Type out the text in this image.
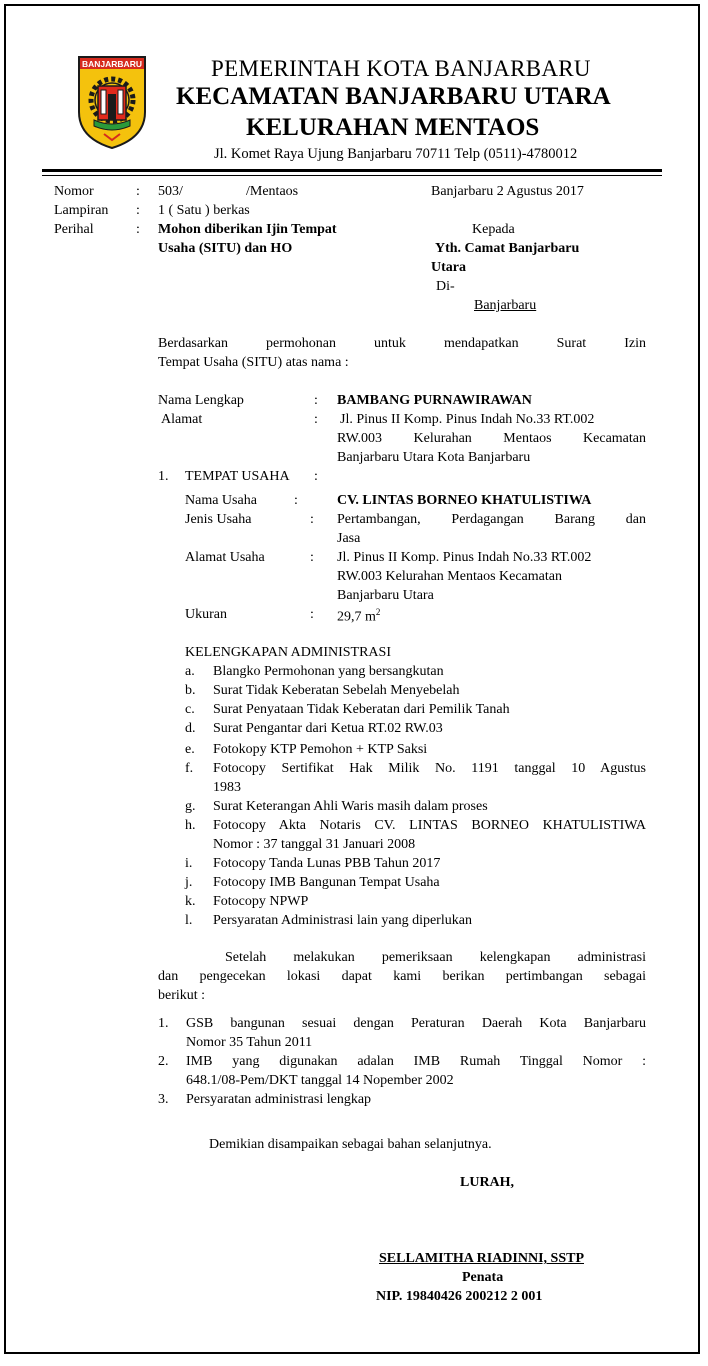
BANJARBARU	PEMERINTAH KOTA BANJARBARU
KECAMATAN BANJARBARU UTARA
KELURAHAN MENTAOS
Jl. Komet Raya Ujung Banjarbaru 70711 Telp (0511)-4780012
Nomor	: 503/	/Mentaos	Banjarbaru 2 Agustus 2017
Lampiran : 1 ( Satu ) berkas
Perihal	: Mohon diberikan Ijin Tempat
Usaha (SITU) dan HO
Kepada
Yth. Camat Banjarbaru
Utara
Di-
Banjarbaru
Berdasarkan permohonan untuk mendapatkan Surat Izin
Tempat Usaha (SITU) atas nama :
Nama Lengkap	: BAMBANG PURNAWIRAWAN
Alamat	: Jl. Pinus II Komp. Pinus Indah No.33 RT.002
RW.003 Kelurahan Mentaos Kecamatan
Banjarbaru Utara Kota Banjarbaru
1. TEMPAT USAHA :
Nama Usaha	:	CV. LINTAS BORNEO KHATULISTIWA
Jenis Usaha	: Pertambangan, Perdagangan Barang dan
Jasa
Alamat Usaha	: Jl. Pinus II Komp. Pinus Indah No.33 RT.002
RW.003 Kelurahan Mentaos Kecamatan
Banjarbaru Utara
Ukuran	: 29,7 $m^2$
KELENGKAPAN ADMINISTRASI
a. Blangko Permohonan yang bersangkutan
b. Surat Tidak Keberatan Sebelah Menyebelah
c. Surat Penyataan Tidak Keberatan dari Pemilik Tanah
d. Surat Pengantar dari Ketua RT.02 RW.03
e. Fotokopy KTP Pemohon + KTP Saksi
f. Fotocopy Sertifikat Hak Milik No. 1191 tanggal 10 Agustus
1983
g. Surat Keterangan Ahli Waris masih dalam proses
h. Fotocopy Akta Notaris CV. LINTAS BORNEO KHATULISTIWA
Nomor : 37 tanggal 31 Januari 2008
i. Fotocopy Tanda Lunas PBB Tahun 2017
j. Fotocopy IMB Bangunan Tempat Usaha
k. Fotocopy NPWP
l. Persyaratan Administrasi lain yang diperlukan
Setelah melakukan pemeriksaan kelengkapan administrasi
dan pengecekan lokasi dapat kami berikan pertimbangan sebagai
berikut :
1. GSB bangunan sesuai dengan Peraturan Daerah Kota Banjarbaru
Nomor 35 Tahun 2011
2. IMB yang digunakan adalan IMB Rumah Tinggal Nomor :
648.1/08-Pem/DKT tanggal 14 Nopember 2002
3. Persyaratan administrasi lengkap
Demikian disampaikan sebagai bahan selanjutnya.
LURAH,
SELLAMITHA RIADINNI, SSTP
Penata
NIP. 19840426 200212 2 001
